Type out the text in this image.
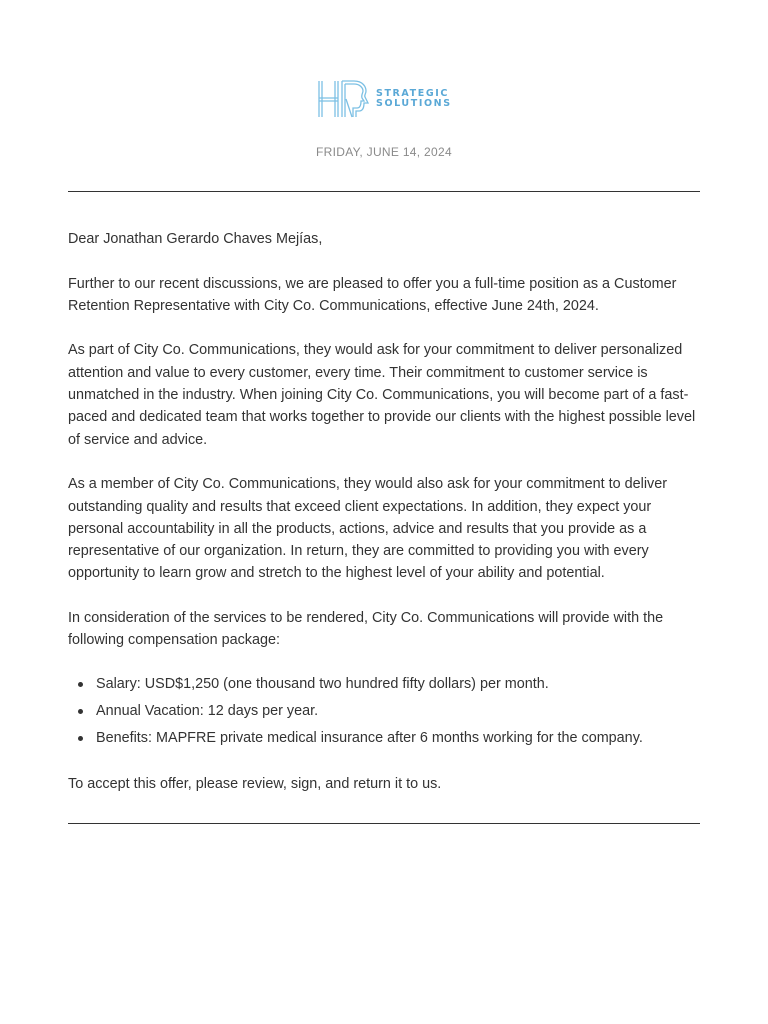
STRATEGIC
SOLUTIONS
FRIDAY, JUNE 14, 2024

Dear Jonathan Gerardo Chaves Mejías,

Further to our recent discussions, we are pleased to offer you a full-time position as a Customer Retention Representative with City Co. Communications, effective June 24th, 2024.

As part of City Co. Communications, they would ask for your commitment to deliver personalized attention and value to every customer, every time. Their commitment to customer service is unmatched in the industry. When joining City Co. Communications, you will become part of a fast-paced and dedicated team that works together to provide our clients with the highest possible level of service and advice.

As a member of City Co. Communications, they would also ask for your commitment to deliver outstanding quality and results that exceed client expectations. In addition, they expect your personal accountability in all the products, actions, advice and results that you provide as a representative of our organization. In return, they are committed to providing you with every opportunity to learn grow and stretch to the highest level of your ability and potential.

In consideration of the services to be rendered, City Co. Communications will provide with the following compensation package:

Salary: USD$1,250 (one thousand two hundred fifty dollars) per month.
Annual Vacation: 12 days per year.
Benefits: MAPFRE private medical insurance after 6 months working for the company.

To accept this offer, please review, sign, and return it to us.
